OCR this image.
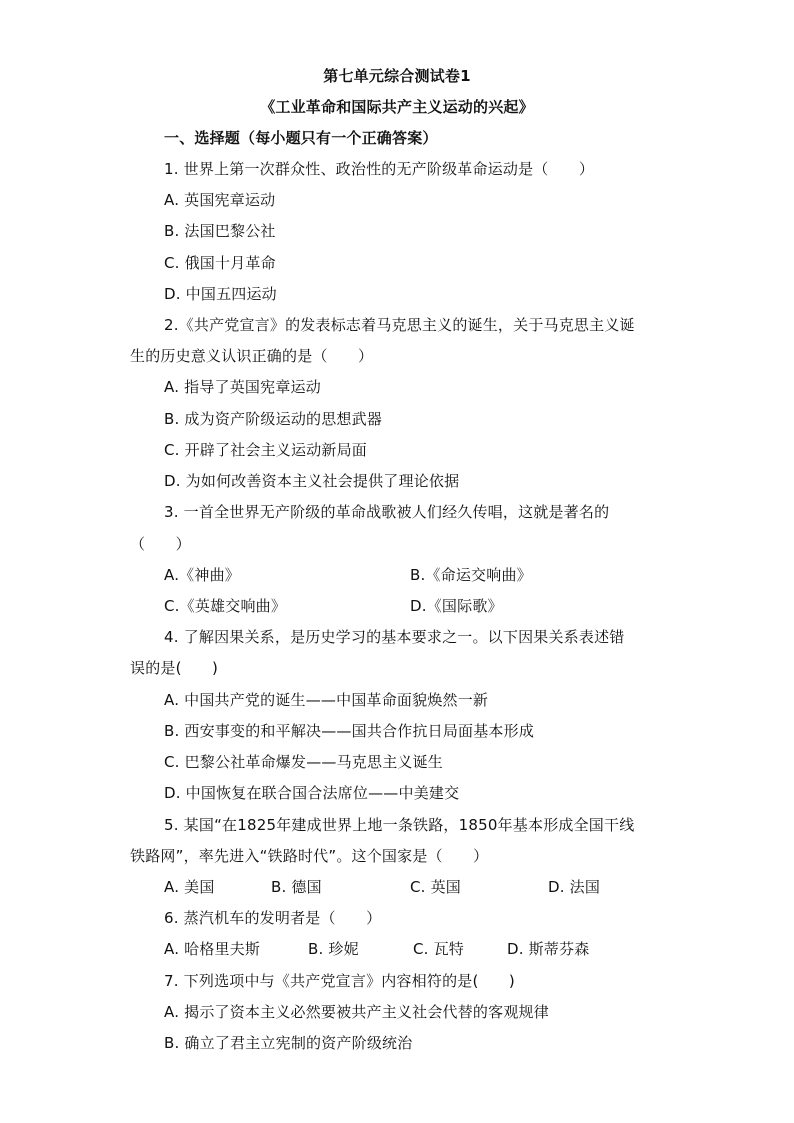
第七单元综合测试卷1
《工业革命和国际共产主义运动的兴起》
一、选择题（每小题只有一个正确答案）
1. 世界上第一次群众性、政治性的无产阶级革命运动是（　　）
A. 英国宪章运动
B. 法国巴黎公社
C. 俄国十月革命
D. 中国五四运动
2.《共产党宣言》的发表标志着马克思主义的诞生，关于马克思主义诞
生的历史意义认识正确的是（　　）
A. 指导了英国宪章运动
B. 成为资产阶级运动的思想武器
C. 开辟了社会主义运动新局面
D. 为如何改善资本主义社会提供了理论依据
3. 一首全世界无产阶级的革命战歌被人们经久传唱，这就是著名的
（　　）
A.《神曲》	B.《命运交响曲》
C.《英雄交响曲》	D.《国际歌》
4. 了解因果关系，是历史学习的基本要求之一。以下因果关系表述错
误的是(　　)
A. 中国共产党的诞生——中国革命面貌焕然一新
B. 西安事变的和平解决——国共合作抗日局面基本形成
C. 巴黎公社革命爆发——马克思主义诞生
D. 中国恢复在联合国合法席位——中美建交
5. 某国“在1825年建成世界上地一条铁路，1850年基本形成全国干线
铁路网”，率先进入“铁路时代”。这个国家是（　　）
A. 美国	B. 德国	C. 英国	D. 法国
6. 蒸汽机车的发明者是（　　）
A. 哈格里夫斯	B. 珍妮	C. 瓦特	D. 斯蒂芬森
7. 下列选项中与《共产党宣言》内容相符的是(　　)
A. 揭示了资本主义必然要被共产主义社会代替的客观规律
B. 确立了君主立宪制的资产阶级统治
